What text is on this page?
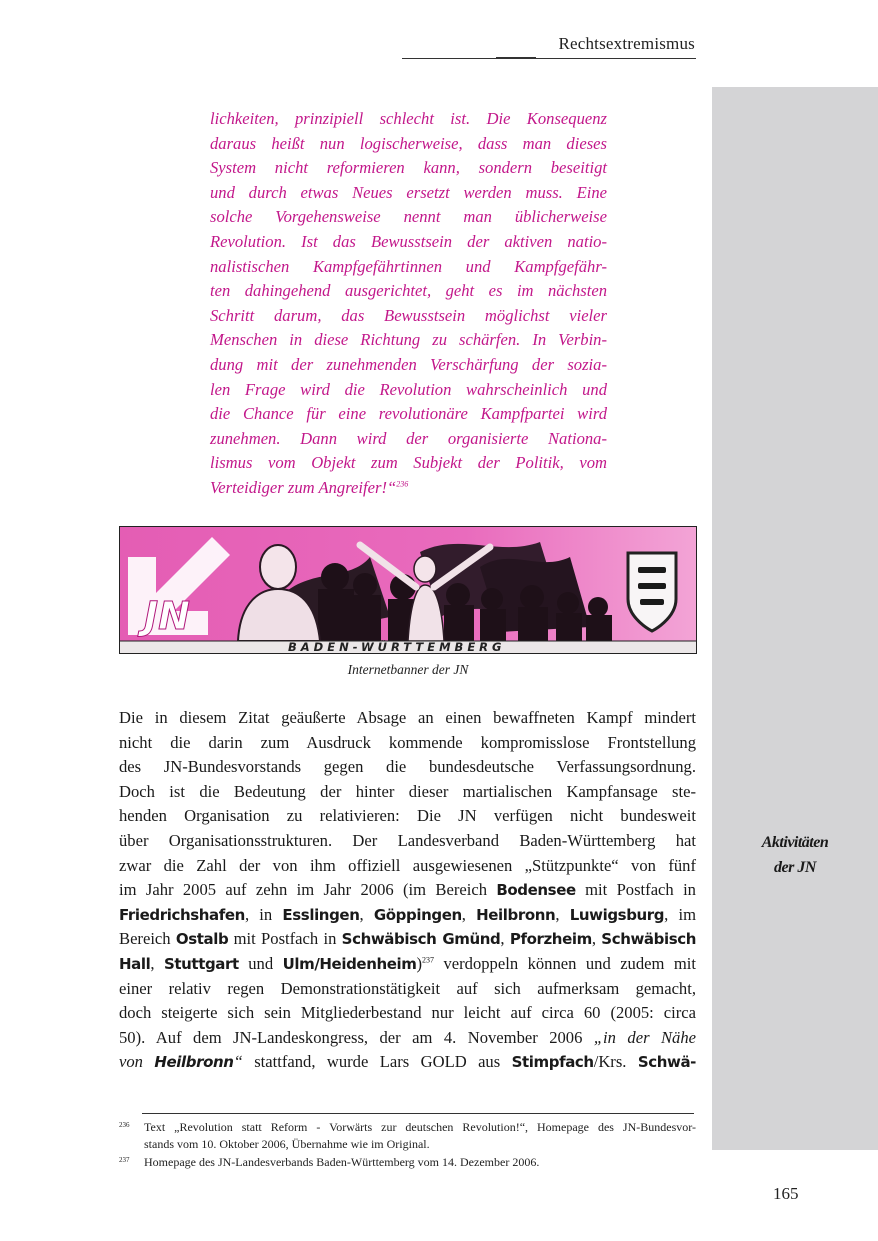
Rechtsextremismus
lichkeiten, prinzipiell schlecht ist. Die Konsequenz
daraus heißt nun logischerweise, dass man dieses
System nicht reformieren kann, sondern beseitigt
und durch etwas Neues ersetzt werden muss. Eine
solche Vorgehensweise nennt man üblicherweise
Revolution. Ist das Bewusstsein der aktiven natio-
nalistischen Kampfgefährtinnen und Kampfgefähr-
ten dahingehend ausgerichtet, geht es im nächsten
Schritt darum, das Bewusstsein möglichst vieler
Menschen in diese Richtung zu schärfen. In Verbin-
dung mit der zunehmenden Verschärfung der sozia-
len Frage wird die Revolution wahrscheinlich und
die Chance für eine revolutionäre Kampfpartei wird
zunehmen. Dann wird der organisierte Nationa-
lismus vom Objekt zum Subjekt der Politik, vom
Verteidiger zum Angreifer!“$^{236}$
JN
BADEN-WÜRTTEMBERG
Internetbanner der JN
Die in diesem Zitat geäußerte Absage an einen bewaffneten Kampf mindert
nicht die darin zum Ausdruck kommende kompromisslose Frontstellung
des JN-Bundesvorstands gegen die bundesdeutsche Verfassungsordnung.
Doch ist die Bedeutung der hinter dieser martialischen Kampfansage ste-
henden Organisation zu relativieren: Die JN verfügen nicht bundesweit
über Organisationsstrukturen. Der Landesverband Baden-Württemberg hat
zwar die Zahl der von ihm offiziell ausgewiesenen „Stützpunkte“ von fünf
im Jahr 2005 auf zehn im Jahr 2006 (im Bereich Bodensee mit Postfach in
Friedrichshafen, in Esslingen, Göppingen, Heilbronn, Luwigsburg, im
Bereich Ostalb mit Postfach in Schwäbisch Gmünd, Pforzheim, Schwäbisch
Hall, Stuttgart und Ulm/Heidenheim)$^{237}$ verdoppeln können und zudem mit
einer relativ regen Demonstrationstätigkeit auf sich aufmerksam gemacht,
doch steigerte sich sein Mitgliederbestand nur leicht auf circa 60 (2005: circa
50). Auf dem JN-Landeskongress, der am 4. November 2006 „in der Nähe
von Heilbronn“ stattfand, wurde Lars GOLD aus Stimpfach/Krs. Schwä-
Aktivitäten
der JN
236 Text „Revolution statt Reform - Vorwärts zur deutschen Revolution!“, Homepage des JN-Bundesvor-
stands vom 10. Oktober 2006, Übernahme wie im Original.
237 Homepage des JN-Landesverbands Baden-Württemberg vom 14. Dezember 2006.
165
